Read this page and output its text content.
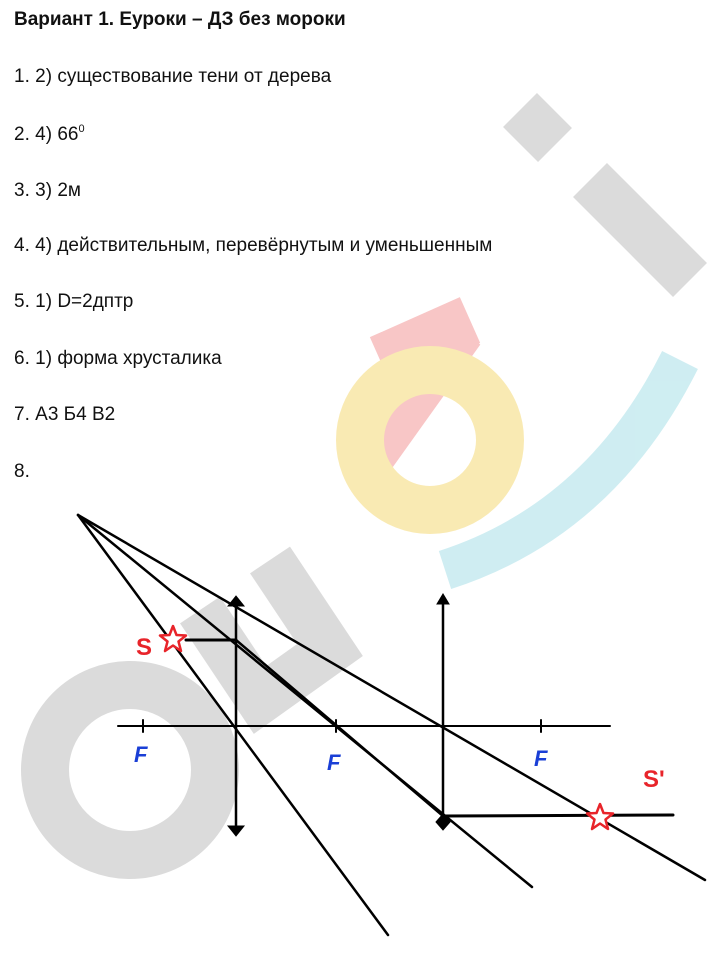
Вариант 1. Еуроки – ДЗ без мороки
1. 2) существование тени от дерева
2. 4) $66^0$
3. 3) 2м
4. 4) действительным, перевёрнутым и уменьшенным
5. 1) D=2дптр
6. 1) форма хрусталика
7. А3 Б4 В2
8.
S
S'
F	F	F
